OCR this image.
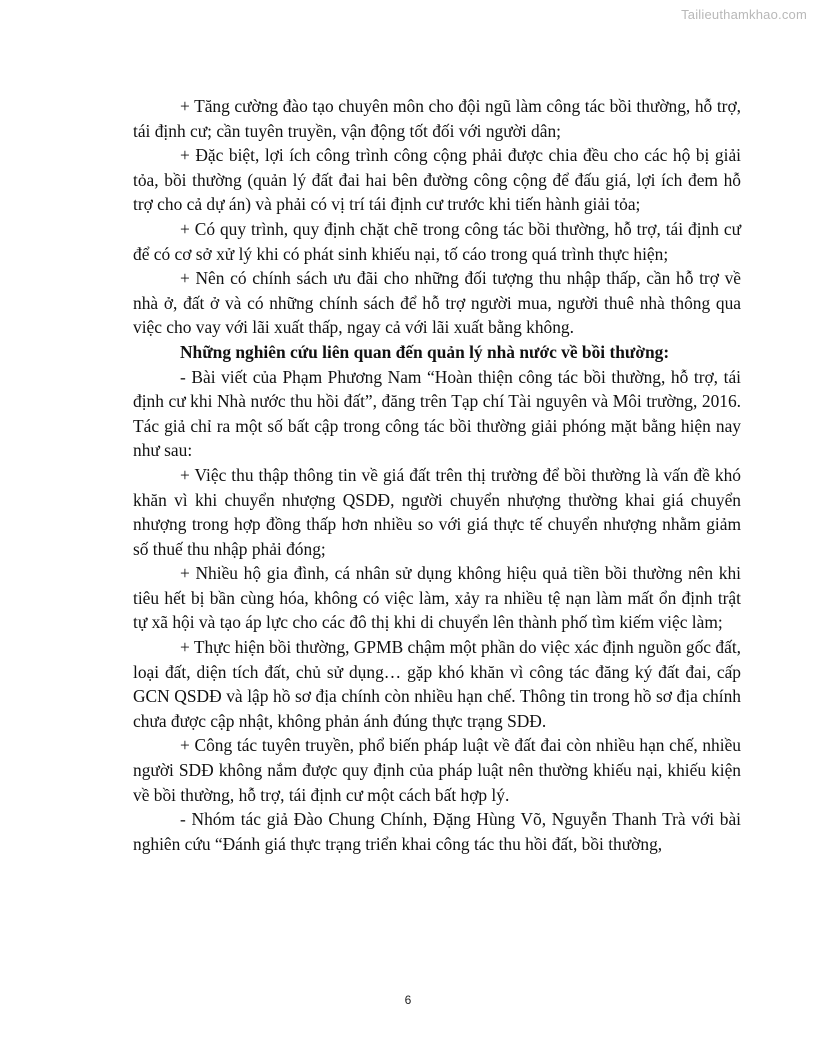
Tailieuthamkhao.com

+ Tăng cường đào tạo chuyên môn cho đội ngũ làm công tác bồi thường, hỗ trợ, tái định cư; cần tuyên truyền, vận động tốt đối với người dân;

+ Đặc biệt, lợi ích công trình công cộng phải được chia đều cho các hộ bị giải tỏa, bồi thường (quản lý đất đai hai bên đường công cộng để đấu giá, lợi ích đem hỗ trợ cho cả dự án) và phải có vị trí tái định cư trước khi tiến hành giải tỏa;

+ Có quy trình, quy định chặt chẽ trong công tác bồi thường, hỗ trợ, tái định cư để có cơ sở xử lý khi có phát sinh khiếu nại, tố cáo trong quá trình thực hiện;

+ Nên có chính sách ưu đãi cho những đối tượng thu nhập thấp, cần hỗ trợ về nhà ở, đất ở và có những chính sách để hỗ trợ người mua, người thuê nhà thông qua việc cho vay với lãi xuất thấp, ngay cả với lãi xuất bằng không.

Những nghiên cứu liên quan đến quản lý nhà nước về bồi thường:

- Bài viết của Phạm Phương Nam “Hoàn thiện công tác bồi thường, hỗ trợ, tái định cư khi Nhà nước thu hồi đất”, đăng trên Tạp chí Tài nguyên và Môi trường, 2016. Tác giả chỉ ra một số bất cập trong công tác bồi thường giải phóng mặt bằng hiện nay như sau:

+ Việc thu thập thông tin về giá đất trên thị trường để bồi thường là vấn đề khó khăn vì khi chuyển nhượng QSDĐ, người chuyển nhượng thường khai giá chuyển nhượng trong hợp đồng thấp hơn nhiều so với giá thực tế chuyển nhượng nhằm giảm số thuế thu nhập phải đóng;

+ Nhiều hộ gia đình, cá nhân sử dụng không hiệu quả tiền bồi thường nên khi tiêu hết bị bần cùng hóa, không có việc làm, xảy ra nhiều tệ nạn làm mất ổn định trật tự xã hội và tạo áp lực cho các đô thị khi di chuyển lên thành phố tìm kiếm việc làm;

+ Thực hiện bồi thường, GPMB chậm một phần do việc xác định nguồn gốc đất, loại đất, diện tích đất, chủ sử dụng… gặp khó khăn vì công tác đăng ký đất đai, cấp GCN QSDĐ và lập hồ sơ địa chính còn nhiều hạn chế. Thông tin trong hồ sơ địa chính chưa được cập nhật, không phản ánh đúng thực trạng SDĐ.

+ Công tác tuyên truyền, phổ biến pháp luật về đất đai còn nhiều hạn chế, nhiều người SDĐ không nắm được quy định của pháp luật nên thường khiếu nại, khiếu kiện về bồi thường, hỗ trợ, tái định cư một cách bất hợp lý.

- Nhóm tác giả Đào Chung Chính, Đặng Hùng Võ, Nguyễn Thanh Trà với bài nghiên cứu “Đánh giá thực trạng triển khai công tác thu hồi đất, bồi thường,

6
